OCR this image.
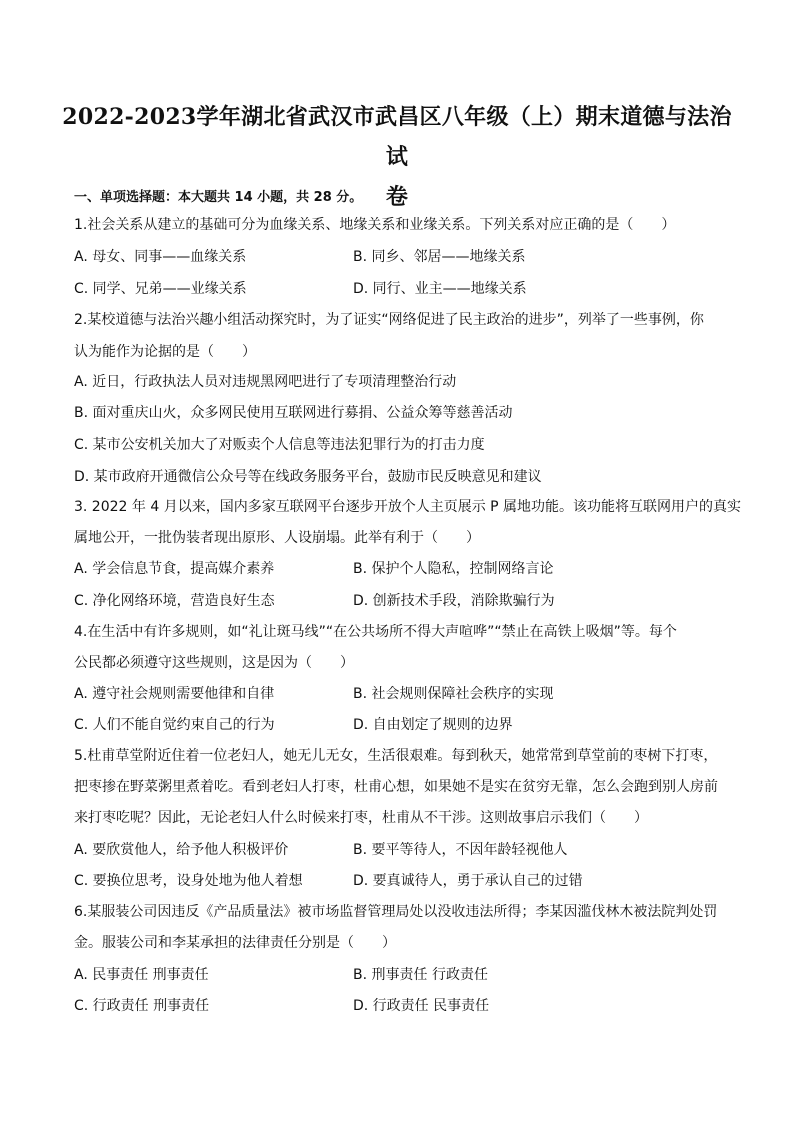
2022-2023学年湖北省武汉市武昌区八年级（上）期末道德与法治试
卷
一、单项选择题：本大题共 14 小题，共 28 分。
1.社会关系从建立的基础可分为血缘关系、地缘关系和业缘关系。下列关系对应正确的是（　　）
A. 母女、同事——血缘关系	B. 同乡、邻居——地缘关系
C. 同学、兄弟——业缘关系	D. 同行、业主——地缘关系
2.某校道德与法治兴趣小组活动探究时，为了证实“网络促进了民主政治的进步”，列举了一些事例，你
认为能作为论据的是（　　）
A. 近日，行政执法人员对违规黑网吧进行了专项清理整治行动
B. 面对重庆山火，众多网民使用互联网进行募捐、公益众筹等慈善活动
C. 某市公安机关加大了对贩卖个人信息等违法犯罪行为的打击力度
D. 某市政府开通微信公众号等在线政务服务平台，鼓励市民反映意见和建议
3. 2022 年 4 月以来，国内多家互联网平台逐步开放个人主页展示 P 属地功能。该功能将互联网用户的真实
属地公开，一批伪装者现出原形、人设崩塌。此举有利于（　　）
A. 学会信息节食，提高媒介素养	B. 保护个人隐私，控制网络言论
C. 净化网络环境，营造良好生态	D. 创新技术手段，消除欺骗行为
4.在生活中有许多规则，如“礼让斑马线”“在公共场所不得大声喧哗”“禁止在高铁上吸烟”等。每个
公民都必须遵守这些规则，这是因为（　　）
A. 遵守社会规则需要他律和自律	B. 社会规则保障社会秩序的实现
C. 人们不能自觉约束自己的行为	D. 自由划定了规则的边界
5.杜甫草堂附近住着一位老妇人，她无儿无女，生活很艰难。每到秋天，她常常到草堂前的枣树下打枣，
把枣掺在野菜粥里煮着吃。看到老妇人打枣，杜甫心想，如果她不是实在贫穷无靠，怎么会跑到别人房前
来打枣吃呢？因此，无论老妇人什么时候来打枣，杜甫从不干涉。这则故事启示我们（　　）
A. 要欣赏他人，给予他人积极评价	B. 要平等待人，不因年龄轻视他人
C. 要换位思考，设身处地为他人着想	D. 要真诚待人，勇于承认自己的过错
6.某服装公司因违反《产品质量法》被市场监督管理局处以没收违法所得；李某因滥伐林木被法院判处罚
金。服装公司和李某承担的法律责任分别是（　　）
A. 民事责任 刑事责任	B. 刑事责任 行政责任
C. 行政责任 刑事责任	D. 行政责任 民事责任
